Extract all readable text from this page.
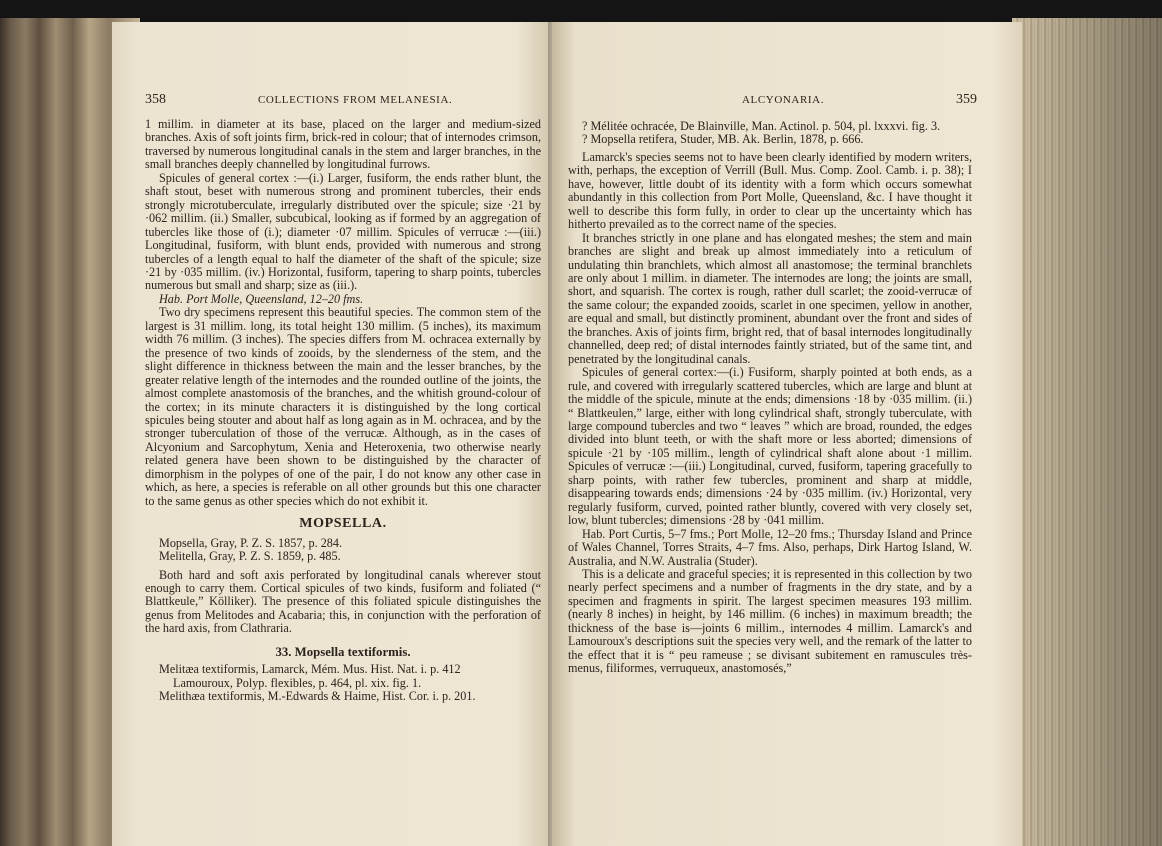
358	COLLECTIONS FROM MELANESIA.

1 millim. in diameter at its base, placed on the larger and medium-sized branches. Axis of soft joints firm, brick-red in colour; that of internodes crimson, traversed by numerous longitudinal canals in the stem and larger branches, in the small branches deeply channelled by longitudinal furrows.

Spicules of general cortex :—(i.) Larger, fusiform, the ends rather blunt, the shaft stout, beset with numerous strong and prominent tubercles, their ends strongly microtuberculate, irregularly distributed over the spicule; size ·21 by ·062 millim. (ii.) Smaller, subcubical, looking as if formed by an aggregation of tubercles like those of (i.); diameter ·07 millim. Spicules of verrucæ :—(iii.) Longitudinal, fusiform, with blunt ends, provided with numerous and strong tubercles of a length equal to half the diameter of the shaft of the spicule; size ·21 by ·035 millim. (iv.) Horizontal, fusiform, tapering to sharp points, tubercles numerous but small and sharp; size as (iii.).

Hab. Port Molle, Queensland, 12–20 fms.

Two dry specimens represent this beautiful species. The common stem of the largest is 31 millim. long, its total height 130 millim. (5 inches), its maximum width 76 millim. (3 inches). The species differs from M. ochracea externally by the presence of two kinds of zooids, by the slenderness of the stem, and the slight difference in thickness between the main and the lesser branches, by the greater relative length of the internodes and the rounded outline of the joints, the almost complete anastomosis of the branches, and the whitish ground-colour of the cortex; in its minute characters it is distinguished by the long cortical spicules being stouter and about half as long again as in M. ochracea, and by the stronger tuberculation of those of the verrucæ. Although, as in the cases of Alcyonium and Sarcophytum, Xenia and Heteroxenia, two otherwise nearly related genera have been shown to be distinguished by the character of dimorphism in the polypes of one of the pair, I do not know any other case in which, as here, a species is referable on all other grounds but this one character to the same genus as other species which do not exhibit it.

MOPSELLA.

Mopsella, Gray, P. Z. S. 1857, p. 284.

Melitella, Gray, P. Z. S. 1859, p. 485.

Both hard and soft axis perforated by longitudinal canals wherever stout enough to carry them. Cortical spicules of two kinds, fusiform and foliated (“ Blattkeule,” Kölliker). The presence of this foliated spicule distinguishes the genus from Melitodes and Acabaria; this, in conjunction with the perforation of the hard axis, from Clathraria.

33. Mopsella textiformis.

Melitæa textiformis, Lamarck, Mém. Mus. Hist. Nat. i. p. 412

Lamouroux, Polyp. flexibles, p. 464, pl. xix. fig. 1.

Melithæa textiformis, M.-Edwards & Haime, Hist. Cor. i. p. 201.

ALCYONARIA.	359

? Mélitée ochracée, De Blainville, Man. Actinol. p. 504, pl. lxxxvi. fig. 3.

? Mopsella retifera, Studer, MB. Ak. Berlin, 1878, p. 666.

Lamarck's species seems not to have been clearly identified by modern writers, with, perhaps, the exception of Verrill (Bull. Mus. Comp. Zool. Camb. i. p. 38); I have, however, little doubt of its identity with a form which occurs somewhat abundantly in this collection from Port Molle, Queensland, &c. I have thought it well to describe this form fully, in order to clear up the uncertainty which has hitherto prevailed as to the correct name of the species.

It branches strictly in one plane and has elongated meshes; the stem and main branches are slight and break up almost immediately into a reticulum of undulating thin branchlets, which almost all anastomose; the terminal branchlets are only about 1 millim. in diameter. The internodes are long; the joints are small, short, and squarish. The cortex is rough, rather dull scarlet; the zooid-verrucæ of the same colour; the expanded zooids, scarlet in one specimen, yellow in another, are equal and small, but distinctly prominent, abundant over the front and sides of the branches. Axis of joints firm, bright red, that of basal internodes longitudinally channelled, deep red; of distal internodes faintly striated, but of the same tint, and penetrated by the longitudinal canals.

Spicules of general cortex:—(i.) Fusiform, sharply pointed at both ends, as a rule, and covered with irregularly scattered tubercles, which are large and blunt at the middle of the spicule, minute at the ends; dimensions ·18 by ·035 millim. (ii.) “ Blattkeulen,” large, either with long cylindrical shaft, strongly tuberculate, with large compound tubercles and two “ leaves ” which are broad, rounded, the edges divided into blunt teeth, or with the shaft more or less aborted; dimensions of spicule ·21 by ·105 millim., length of cylindrical shaft alone about ·1 millim. Spicules of verrucæ :—(iii.) Longitudinal, curved, fusiform, tapering gracefully to sharp points, with rather few tubercles, prominent and sharp at middle, disappearing towards ends; dimensions ·24 by ·035 millim. (iv.) Horizontal, very regularly fusiform, curved, pointed rather bluntly, covered with very closely set, low, blunt tubercles; dimensions ·28 by ·041 millim.

Hab. Port Curtis, 5–7 fms.; Port Molle, 12–20 fms.; Thursday Island and Prince of Wales Channel, Torres Straits, 4–7 fms. Also, perhaps, Dirk Hartog Island, W. Australia, and N.W. Australia (Studer).

This is a delicate and graceful species; it is represented in this collection by two nearly perfect specimens and a number of fragments in the dry state, and by a specimen and fragments in spirit. The largest specimen measures 193 millim. (nearly 8 inches) in height, by 146 millim. (6 inches) in maximum breadth; the thickness of the base is—joints 6 millim., internodes 4 millim. Lamarck's and Lamouroux's descriptions suit the species very well, and the remark of the latter to the effect that it is “ peu rameuse ; se divisant subitement en ramuscules très-menus, filiformes, verruqueux, anastomosés,”
